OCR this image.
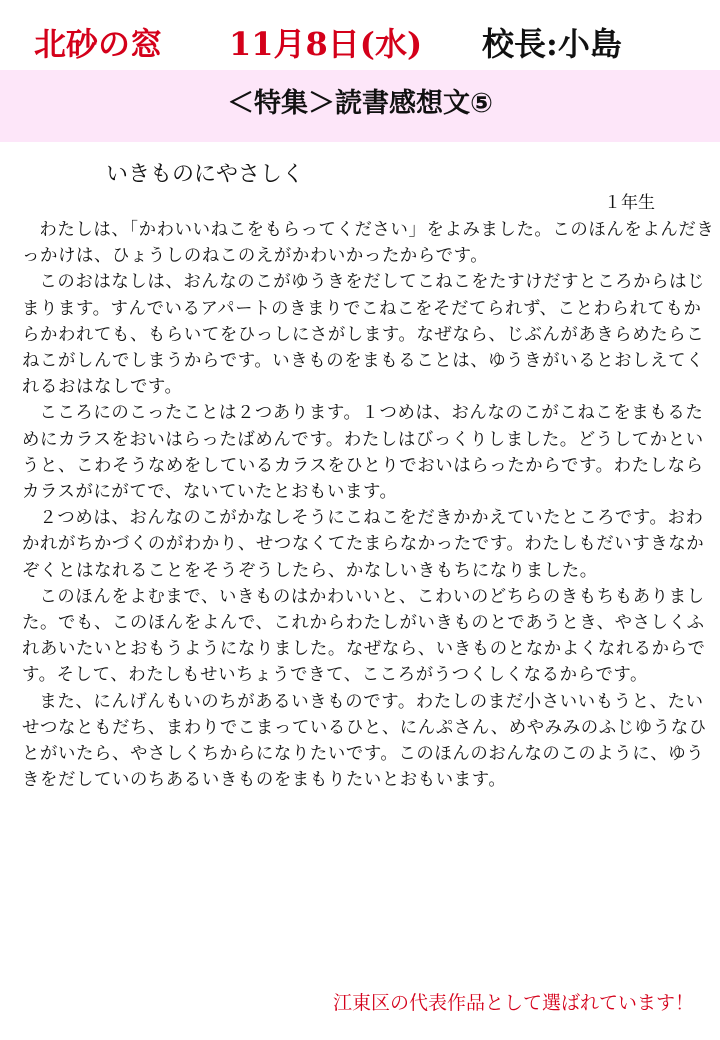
北砂の窓 11月8日(水) 校長:小島
＜特集＞読書感想文⑤
いきものにやさしく
１年生

わたしは、「かわいいねこをもらってください」をよみました。このほんをよんだきっかけは、ひょうしのねこのえがかわいかったからです。

このおはなしは、おんなのこがゆうきをだしてこねこをたすけだすところからはじまります。すんでいるアパートのきまりでこねこをそだてられず、ことわられてもからかわれても、もらいてをひっしにさがします。なぜなら、じぶんがあきらめたらこねこがしんでしまうからです。いきものをまもることは、ゆうきがいるとおしえてくれるおはなしです。

こころにのこったことは２つあります。１つめは、おんなのこがこねこをまもるためにカラスをおいはらったばめんです。わたしはびっくりしました。どうしてかというと、こわそうなめをしているカラスをひとりでおいはらったからです。わたしならカラスがにがてで、ないていたとおもいます。

２つめは、おんなのこがかなしそうにこねこをだきかかえていたところです。おわかれがちかづくのがわかり、せつなくてたまらなかったです。わたしもだいすきなかぞくとはなれることをそうぞうしたら、かなしいきもちになりました。

このほんをよむまで、いきものはかわいいと、こわいのどちらのきもちもありました。でも、このほんをよんで、これからわたしがいきものとであうとき、やさしくふれあいたいとおもうようになりました。なぜなら、いきものとなかよくなれるからです。そして、わたしもせいちょうできて、こころがうつくしくなるからです。

また、にんげんもいのちがあるいきものです。わたしのまだ小さいいもうと、たいせつなともだち、まわりでこまっているひと、にんぷさん、めやみみのふじゆうなひとがいたら、やさしくちからになりたいです。このほんのおんなのこのように、ゆうきをだしていのちあるいきものをまもりたいとおもいます。

江東区の代表作品として選ばれています！
